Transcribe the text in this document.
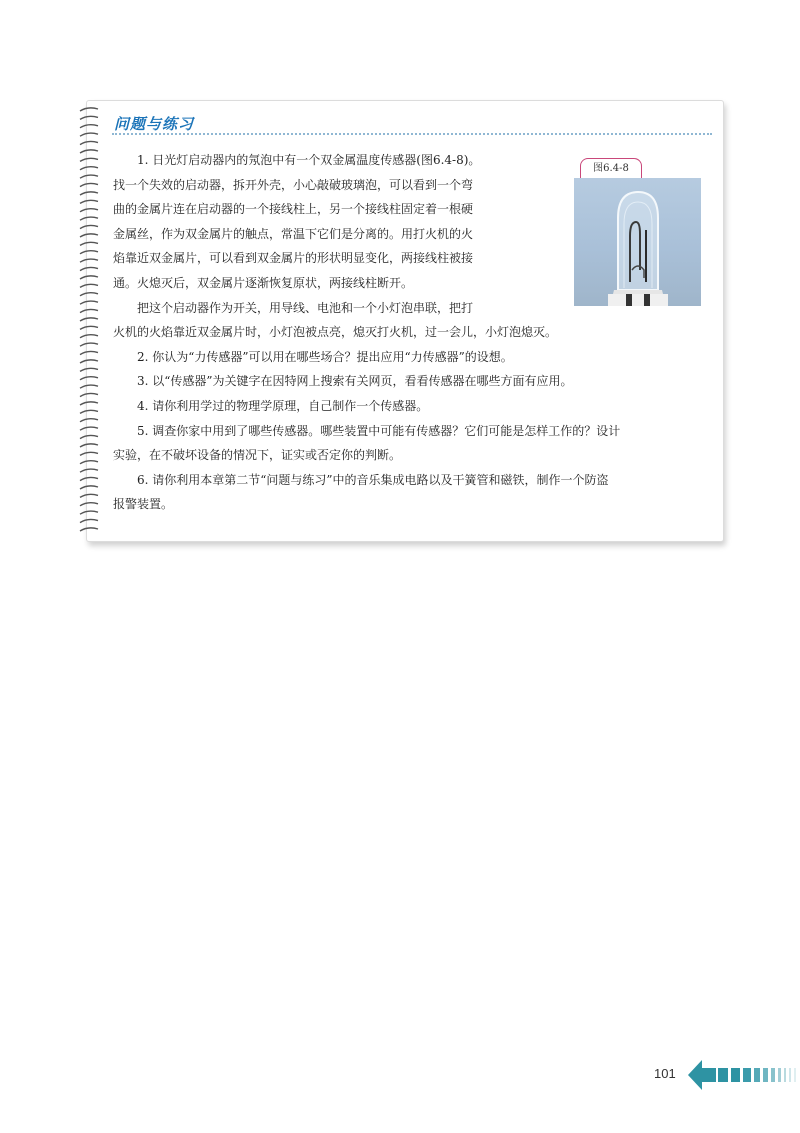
问题与练习
1. 日光灯启动器内的氖泡中有一个双金属温度传感器(图6.4-8)。
找一个失效的启动器，拆开外壳，小心敲破玻璃泡，可以看到一个弯
曲的金属片连在启动器的一个接线柱上，另一个接线柱固定着一根硬
金属丝，作为双金属片的触点，常温下它们是分离的。用打火机的火
焰靠近双金属片，可以看到双金属片的形状明显变化，两接线柱被接
通。火熄灭后，双金属片逐渐恢复原状，两接线柱断开。
把这个启动器作为开关，用导线、电池和一个小灯泡串联，把打
火机的火焰靠近双金属片时，小灯泡被点亮，熄灭打火机，过一会儿，小灯泡熄灭。
2. 你认为“力传感器”可以用在哪些场合？提出应用“力传感器”的设想。
3. 以“传感器”为关键字在因特网上搜索有关网页，看看传感器在哪些方面有应用。
4. 请你利用学过的物理学原理，自己制作一个传感器。
5. 调查你家中用到了哪些传感器。哪些装置中可能有传感器？它们可能是怎样工作的？设计
实验，在不破坏设备的情况下，证实或否定你的判断。
6. 请你利用本章第二节“问题与练习”中的音乐集成电路以及干簧管和磁铁，制作一个防盗
报警装置。
图6.4-8
101
